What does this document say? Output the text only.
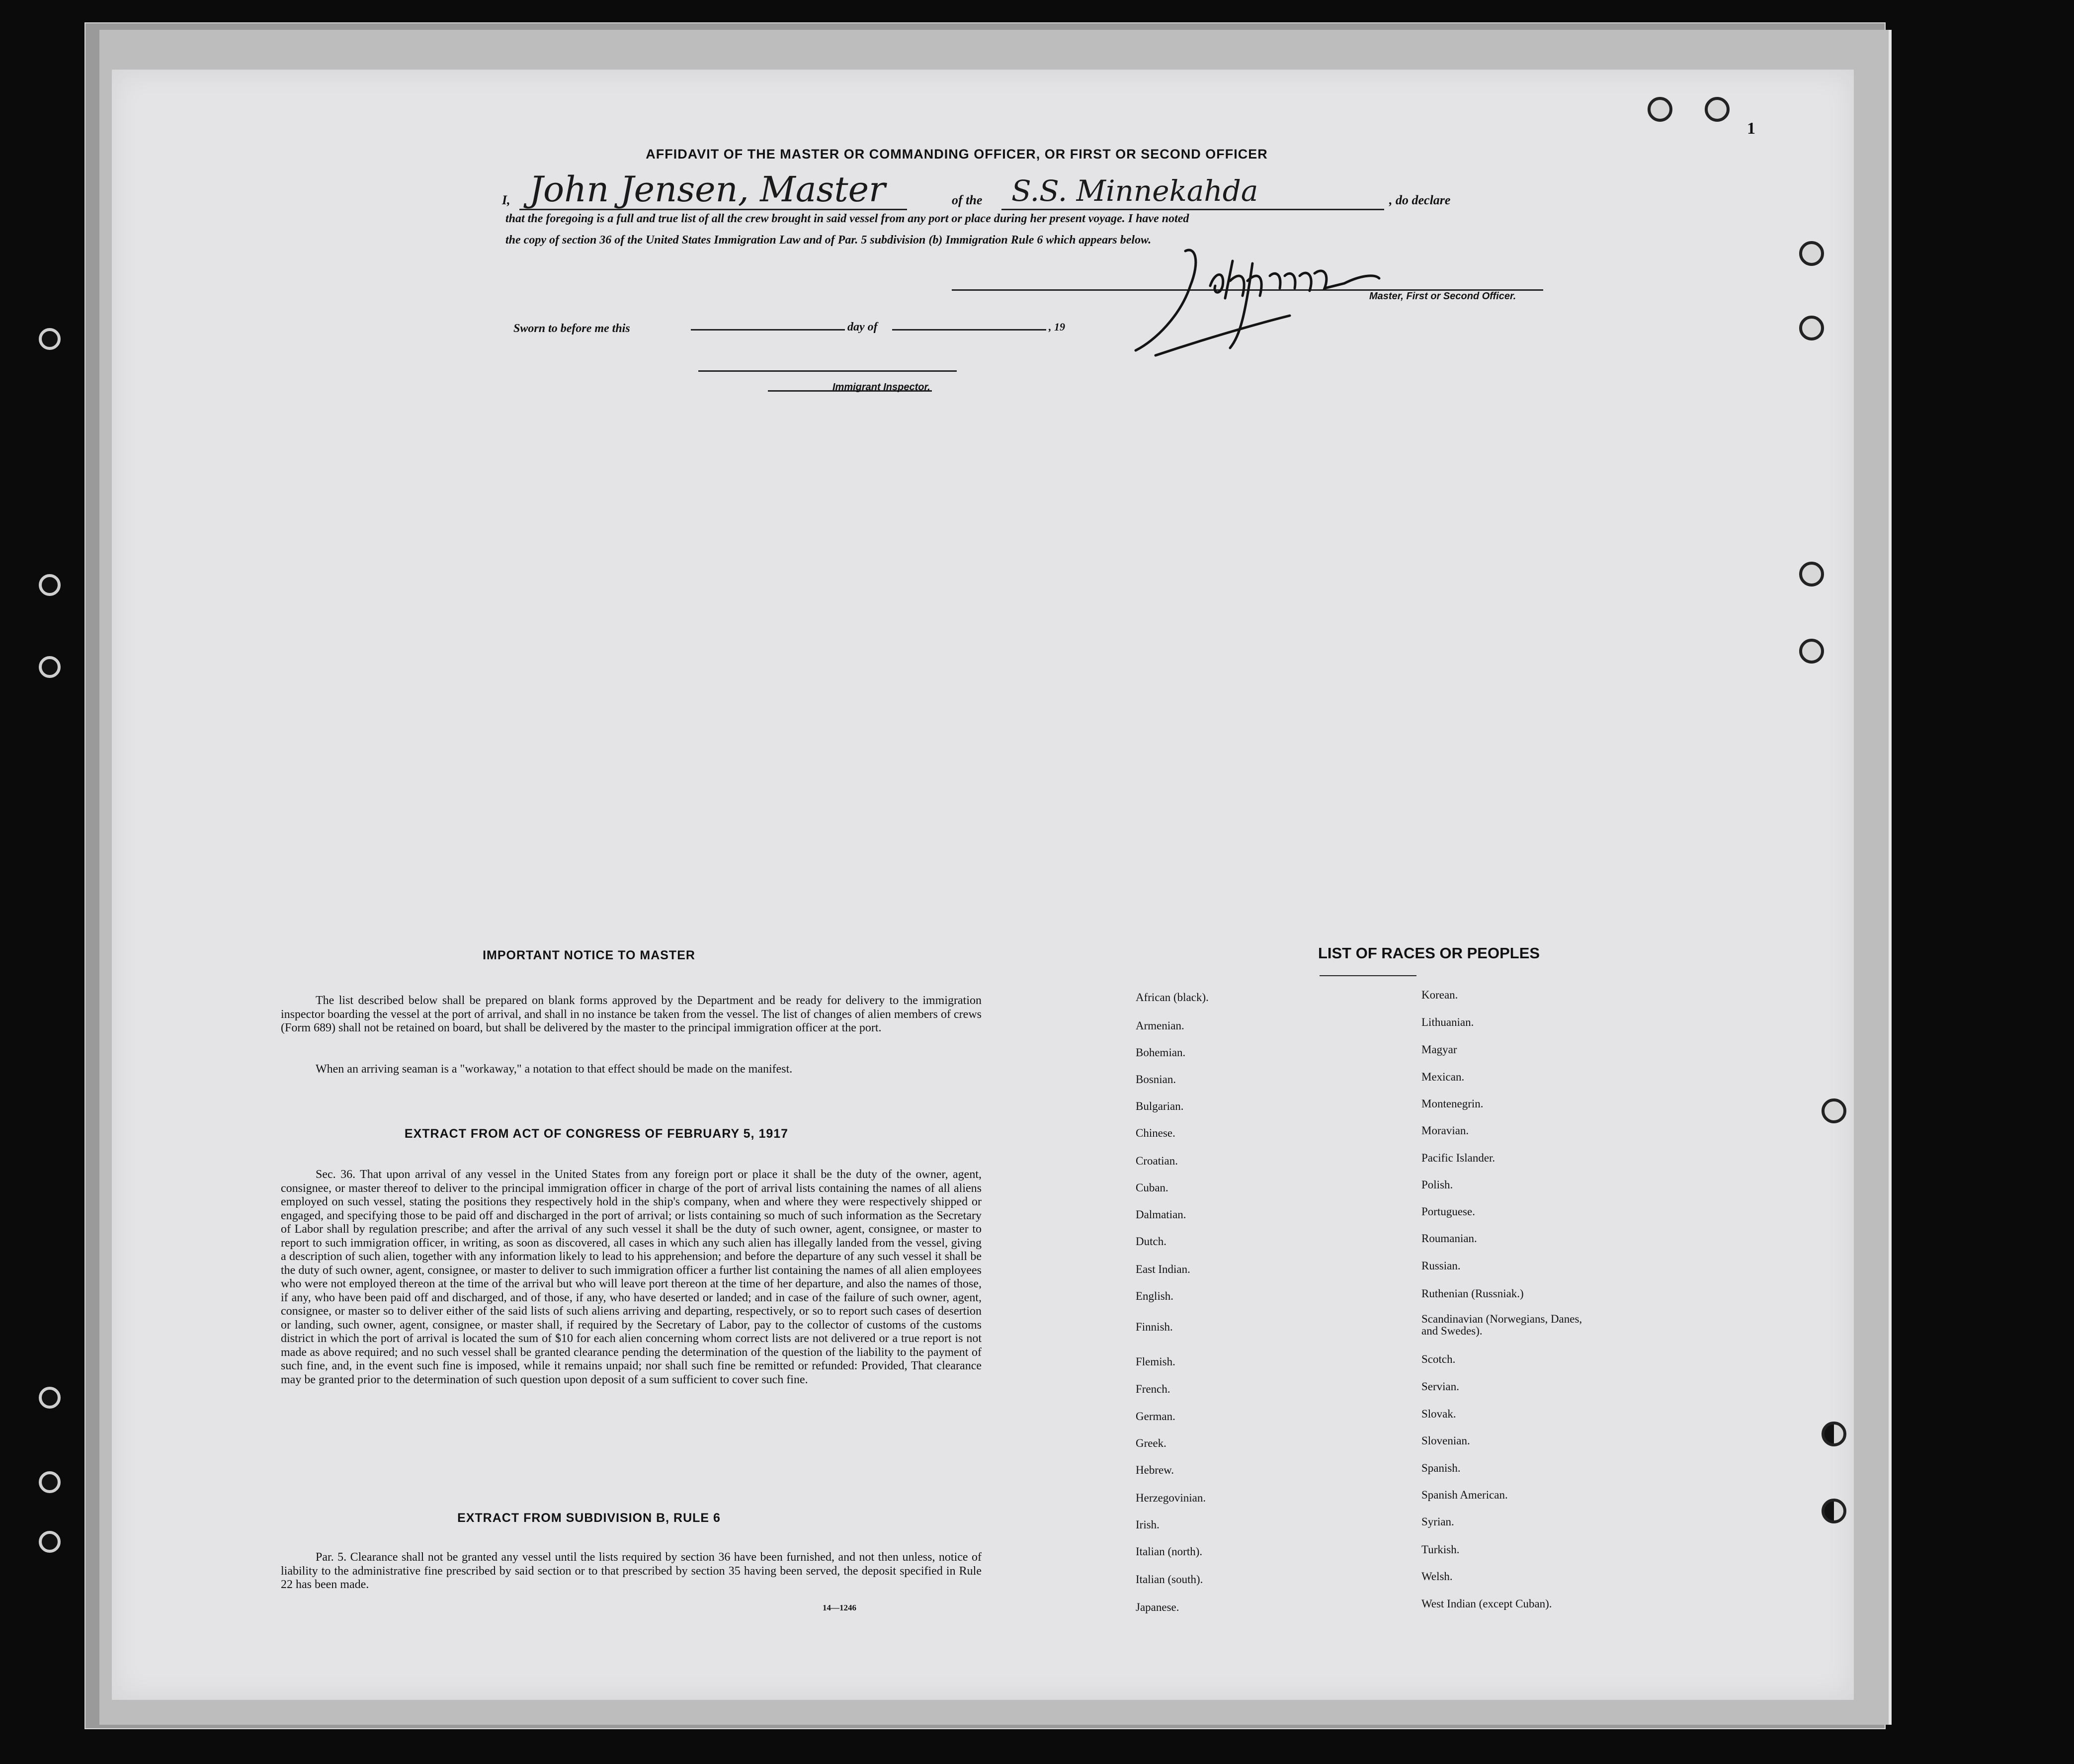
1
AFFIDAVIT OF THE MASTER OR COMMANDING OFFICER, OR FIRST OR SECOND OFFICER
I, John Jensen, Master	of the S.S. Minnekahda	, do declare
that the foregoing is a full and true list of all the crew brought in said vessel from any port or place during her present voyage. I have noted
the copy of section 36 of the United States Immigration Law and of Par. 5 subdivision (b) Immigration Rule 6 which appears below.
Master, First or Second Officer.
Sworn to before me this	day of	, 19
Immigrant Inspector.
IMPORTANT NOTICE TO MASTER
The list described below shall be prepared on blank forms approved by the Department and be ready for delivery to the immigration inspector boarding the vessel at the port of arrival, and shall in no instance be taken from the vessel. The list of changes of alien members of crews (Form 689) shall not be retained on board, but shall be delivered by the master to the principal immigration officer at the port.
When an arriving seaman is a "workaway," a notation to that effect should be made on the manifest.
EXTRACT FROM ACT OF CONGRESS OF FEBRUARY 5, 1917
Sec. 36. That upon arrival of any vessel in the United States from any foreign port or place it shall be the duty of the owner, agent, consignee, or master thereof to deliver to the principal immigration officer in charge of the port of arrival lists containing the names of all aliens employed on such vessel, stating the positions they respectively hold in the ship's company, when and where they were respectively shipped or engaged, and specifying those to be paid off and discharged in the port of arrival; or lists containing so much of such information as the Secretary of Labor shall by regulation prescribe; and after the arrival of any such vessel it shall be the duty of such owner, agent, consignee, or master to report to such immigration officer, in writing, as soon as discovered, all cases in which any such alien has illegally landed from the vessel, giving a description of such alien, together with any information likely to lead to his apprehension; and before the departure of any such vessel it shall be the duty of such owner, agent, consignee, or master to deliver to such immigration officer a further list containing the names of all alien employees who were not employed thereon at the time of the arrival but who will leave port thereon at the time of her departure, and also the names of those, if any, who have been paid off and discharged, and of those, if any, who have deserted or landed; and in case of the failure of such owner, agent, consignee, or master so to deliver either of the said lists of such aliens arriving and departing, respectively, or so to report such cases of desertion or landing, such owner, agent, consignee, or master shall, if required by the Secretary of Labor, pay to the collector of customs of the customs district in which the port of arrival is located the sum of $10 for each alien concerning whom correct lists are not delivered or a true report is not made as above required; and no such vessel shall be granted clearance pending the determination of the question of the liability to the payment of such fine, and, in the event such fine is imposed, while it remains unpaid; nor shall such fine be remitted or refunded: Provided, That clearance may be granted prior to the determination of such question upon deposit of a sum sufficient to cover such fine.
EXTRACT FROM SUBDIVISION B, RULE 6
Par. 5. Clearance shall not be granted any vessel until the lists required by section 36 have been furnished, and not then unless, notice of liability to the administrative fine prescribed by said section or to that prescribed by section 35 having been served, the deposit specified in Rule 22 has been made.
14—1246
LIST OF RACES OR PEOPLES
African (black).
Armenian.
Bohemian.
Bosnian.
Bulgarian.
Chinese.
Croatian.
Cuban.
Dalmatian.
Dutch.
East Indian.
English.
Finnish.
Flemish.
French.
German.
Greek.
Hebrew.
Herzegovinian.
Irish.
Italian (north).
Italian (south).
Japanese.
Korean.
Lithuanian.
Magyar
Mexican.
Montenegrin.
Moravian.
Pacific Islander.
Polish.
Portuguese.
Roumanian.
Russian.
Ruthenian (Russniak.)
Scandinavian (Norwegians, Danes, and Swedes).
Scotch.
Servian.
Slovak.
Slovenian.
Spanish.
Spanish American.
Syrian.
Turkish.
Welsh.
West Indian (except Cuban).
